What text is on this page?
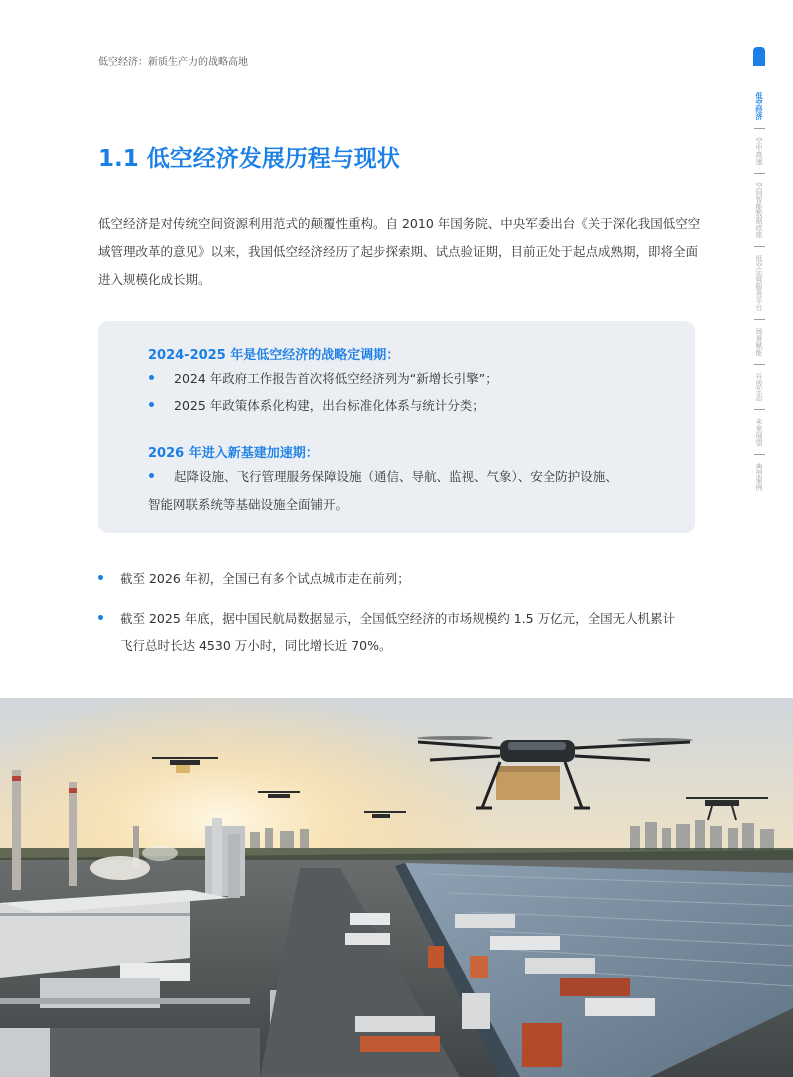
低空经济：新质生产力的战略高地
低空经济
空中高速
空间智能数据底座
低空运营服务平台
场景赋能
开放生态
未来展望
典型案例
1.1 低空经济发展历程与现状
低空经济是对传统空间资源利用范式的颠覆性重构。自 2010 年国务院、中央军委出台《关于深化我国低空空域管理改革的意见》以来，我国低空经济经历了起步探索期、试点验证期，目前正处于起点成熟期，即将全面进入规模化成长期。
2024-2025 年是低空经济的战略定调期：
2024 年政府工作报告首次将低空经济列为“新增长引擎”；
2025 年政策体系化构建，出台标准化体系与统计分类；
2026 年进入新基建加速期：
起降设施、飞行管理服务保障设施（通信、导航、监视、气象）、安全防护设施、
智能网联系统等基础设施全面铺开。
截至 2026 年初，全国已有多个试点城市走在前列；
截至 2025 年底，据中国民航局数据显示，全国低空经济的市场规模约 1.5 万亿元，全国无人机累计
飞行总时长达 4530 万小时，同比增长近 70%。
